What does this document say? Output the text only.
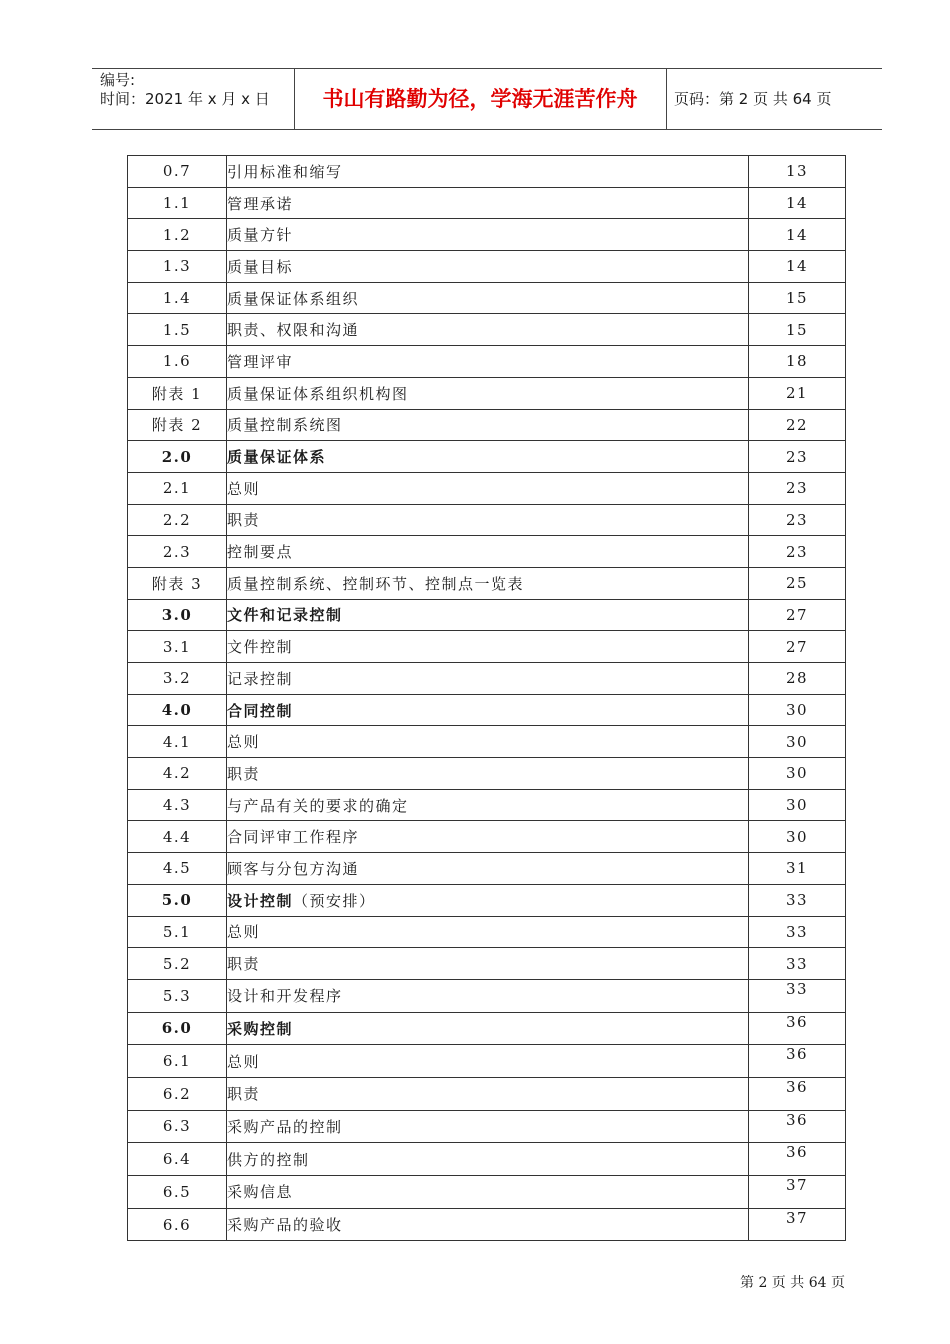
编号:
时间：2021 年 x 月 x 日	书山有路勤为径，学海无涯苦作舟	页码：第 2 页 共 64 页
0.7	引用标准和缩写	13
1.1	管理承诺	14
1.2	质量方针	14
1.3	质量目标	14
1.4	质量保证体系组织	15
1.5	职责、权限和沟通	15
1.6	管理评审	18
附表 1	质量保证体系组织机构图	21
附表 2	质量控制系统图	22
2.0	质量保证体系	23
2.1	总则	23
2.2	职责	23
2.3	控制要点	23
附表 3	质量控制系统、控制环节、控制点一览表	25
3.0	文件和记录控制	27
3.1	文件控制	27
3.2	记录控制	28
4.0	合同控制	30
4.1	总则	30
4.2	职责	30
4.3	与产品有关的要求的确定	30
4.4	合同评审工作程序	30
4.5	顾客与分包方沟通	31
5.0	设计控制（预安排）	33
5.1	总则	33
5.2	职责	33
5.3	设计和开发程序	33
6.0	采购控制	36
6.1	总则	36
6.2	职责	36
6.3	采购产品的控制	36
6.4	供方的控制	36
6.5	采购信息	37
6.6	采购产品的验收	37
第 2 页 共 64 页
